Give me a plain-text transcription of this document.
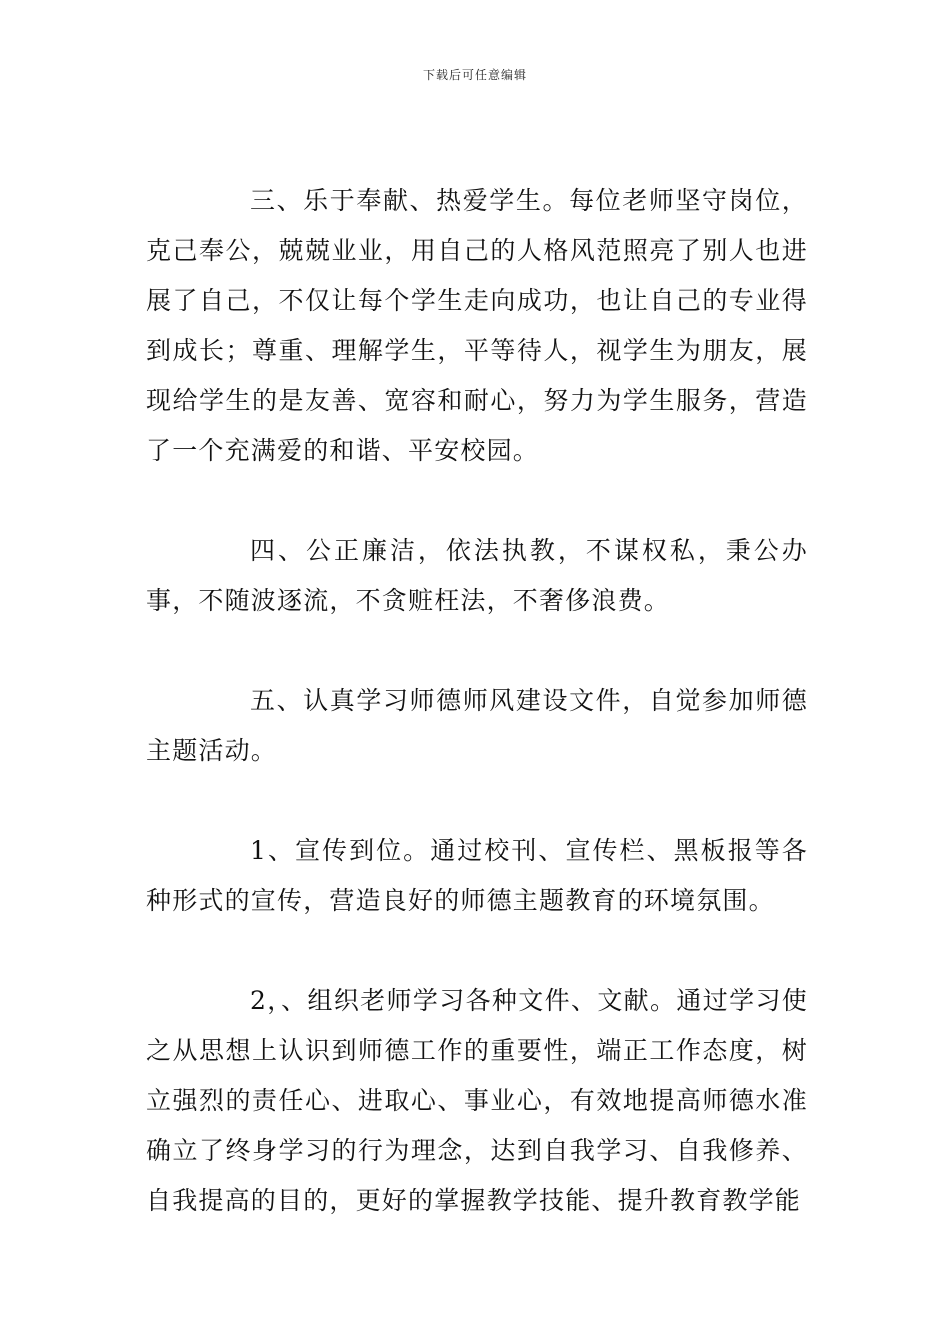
下载后可任意编辑

三、乐于奉献、热爱学生。每位老师坚守岗位，克己奉公，兢兢业业，用自己的人格风范照亮了别人也进展了自己，不仅让每个学生走向成功，也让自己的专业得到成长；尊重、理解学生，平等待人，视学生为朋友，展现给学生的是友善、宽容和耐心，努力为学生服务，营造了一个充满爱的和谐、平安校园。

四、公正廉洁，依法执教，不谋权私，秉公办事，不随波逐流，不贪赃枉法，不奢侈浪费。

五、认真学习师德师风建设文件，自觉参加师德主题活动。

1、宣传到位。通过校刊、宣传栏、黑板报等各种形式的宣传，营造良好的师德主题教育的环境氛围。

2，、组织老师学习各种文件、文献。通过学习使之从思想上认识到师德工作的重要性，端正工作态度，树立强烈的责任心、进取心、事业心，有效地提高师德水准确立了终身学习的行为理念，达到自我学习、自我修养、自我提高的目的，更好的掌握教学技能、提升教育教学能
